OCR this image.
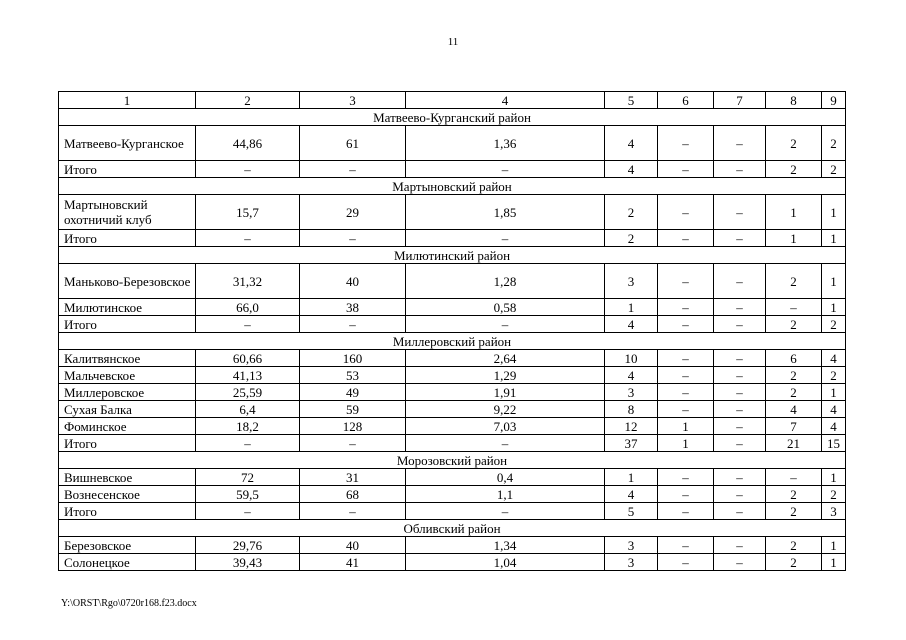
11
1	2	3	4	5	6	7	8	9
Матвеево-Курганский район								
Матвеево-Курганское	44,86	61	1,36	4	–	–	2	2
Итого	–	–	–	4	–	–	2	2
Мартыновский район								
Мартыновский охотничий клуб	15,7	29	1,85	2	–	–	1	1
Итого	–	–	–	2	–	–	1	1
Милютинский район								
Маньково-Березовское	31,32	40	1,28	3	–	–	2	1
Милютинское	66,0	38	0,58	1	–	–	–	1
Итого	–	–	–	4	–	–	2	2
Миллеровский район								
Калитвянское	60,66	160	2,64	10	–	–	6	4
Мальчевское	41,13	53	1,29	4	–	–	2	2
Миллеровское	25,59	49	1,91	3	–	–	2	1
Сухая Балка	6,4	59	9,22	8	–	–	4	4
Фоминское	18,2	128	7,03	12	1	–	7	4
Итого	–	–	–	37	1	–	21	15
Морозовский район								
Вишневское	72	31	0,4	1	–	–	–	1
Вознесенское	59,5	68	1,1	4	–	–	2	2
Итого	–	–	–	5	–	–	2	3
Обливский район								
Березовское	29,76	40	1,34	3	–	–	2	1
Солонецкое	39,43	41	1,04	3	–	–	2	1
Y:\ORST\Rgo\0720r168.f23.docx
